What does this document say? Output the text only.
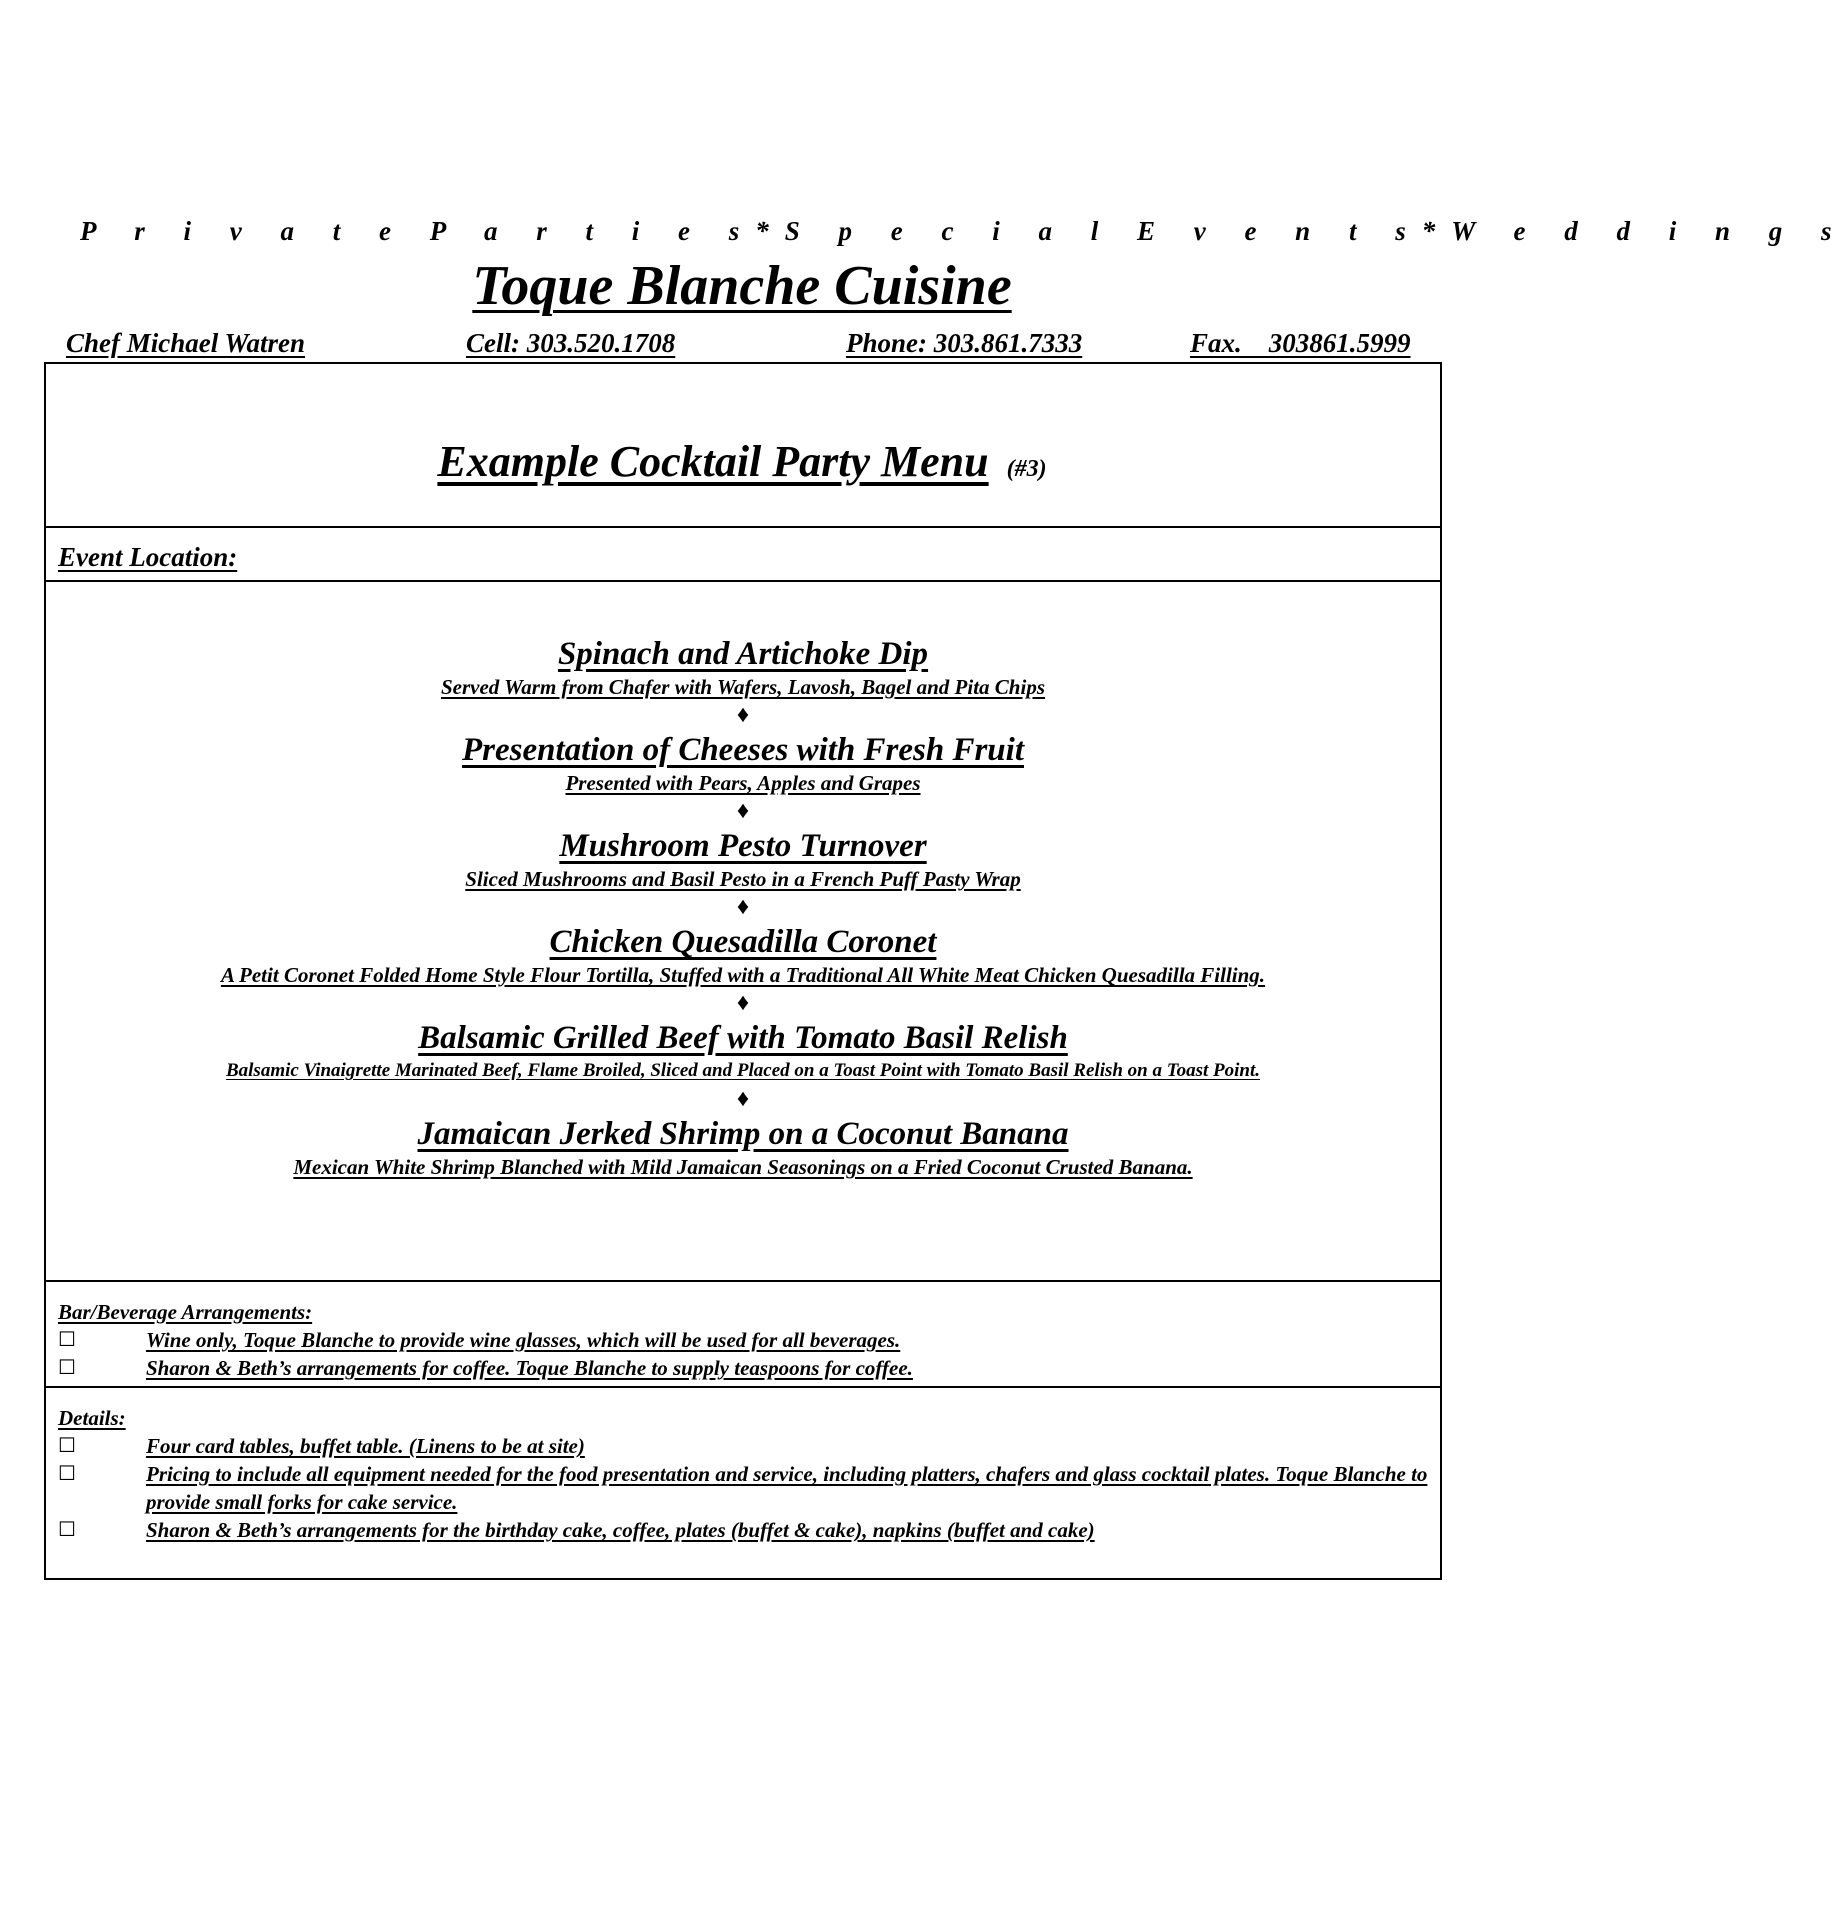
P r i v a t e P a r t i e s * S p e c i a l E v e n t s * W e d d i n g s
Toque Blanche Cuisine
Chef Michael Watren	Cell: 303.520.1708	Phone: 303.861.7333	Fax.    303861.5999
Example Cocktail Party Menu (#3)
Event Location:
Spinach and Artichoke Dip
Served Warm from Chafer with Wafers, Lavosh, Bagel and Pita Chips
♦
Presentation of Cheeses with Fresh Fruit
Presented with Pears, Apples and Grapes
♦
Mushroom Pesto Turnover
Sliced Mushrooms and Basil Pesto in a French Puff Pasty Wrap
♦
Chicken Quesadilla Coronet
A Petit Coronet Folded Home Style Flour Tortilla, Stuffed with a Traditional All White Meat Chicken Quesadilla Filling.
♦
Balsamic Grilled Beef with Tomato Basil Relish
Balsamic Vinaigrette Marinated Beef, Flame Broiled, Sliced and Placed on a Toast Point with Tomato Basil Relish on a Toast Point.
♦
Jamaican Jerked Shrimp on a Coconut Banana
Mexican White Shrimp Blanched with Mild Jamaican Seasonings on a Fried Coconut Crusted Banana.
Bar/Beverage Arrangements:
☐	Wine only, Toque Blanche to provide wine glasses, which will be used for all beverages.
☐	Sharon & Beth’s arrangements for coffee. Toque Blanche to supply teaspoons for coffee.
Details:
☐	Four card tables, buffet table. (Linens to be at site)
☐	Pricing to include all equipment needed for the food presentation and service, including platters, chafers and glass cocktail plates. Toque Blanche to provide small forks for cake service.
☐	Sharon & Beth’s arrangements for the birthday cake, coffee, plates (buffet & cake), napkins (buffet and cake)
